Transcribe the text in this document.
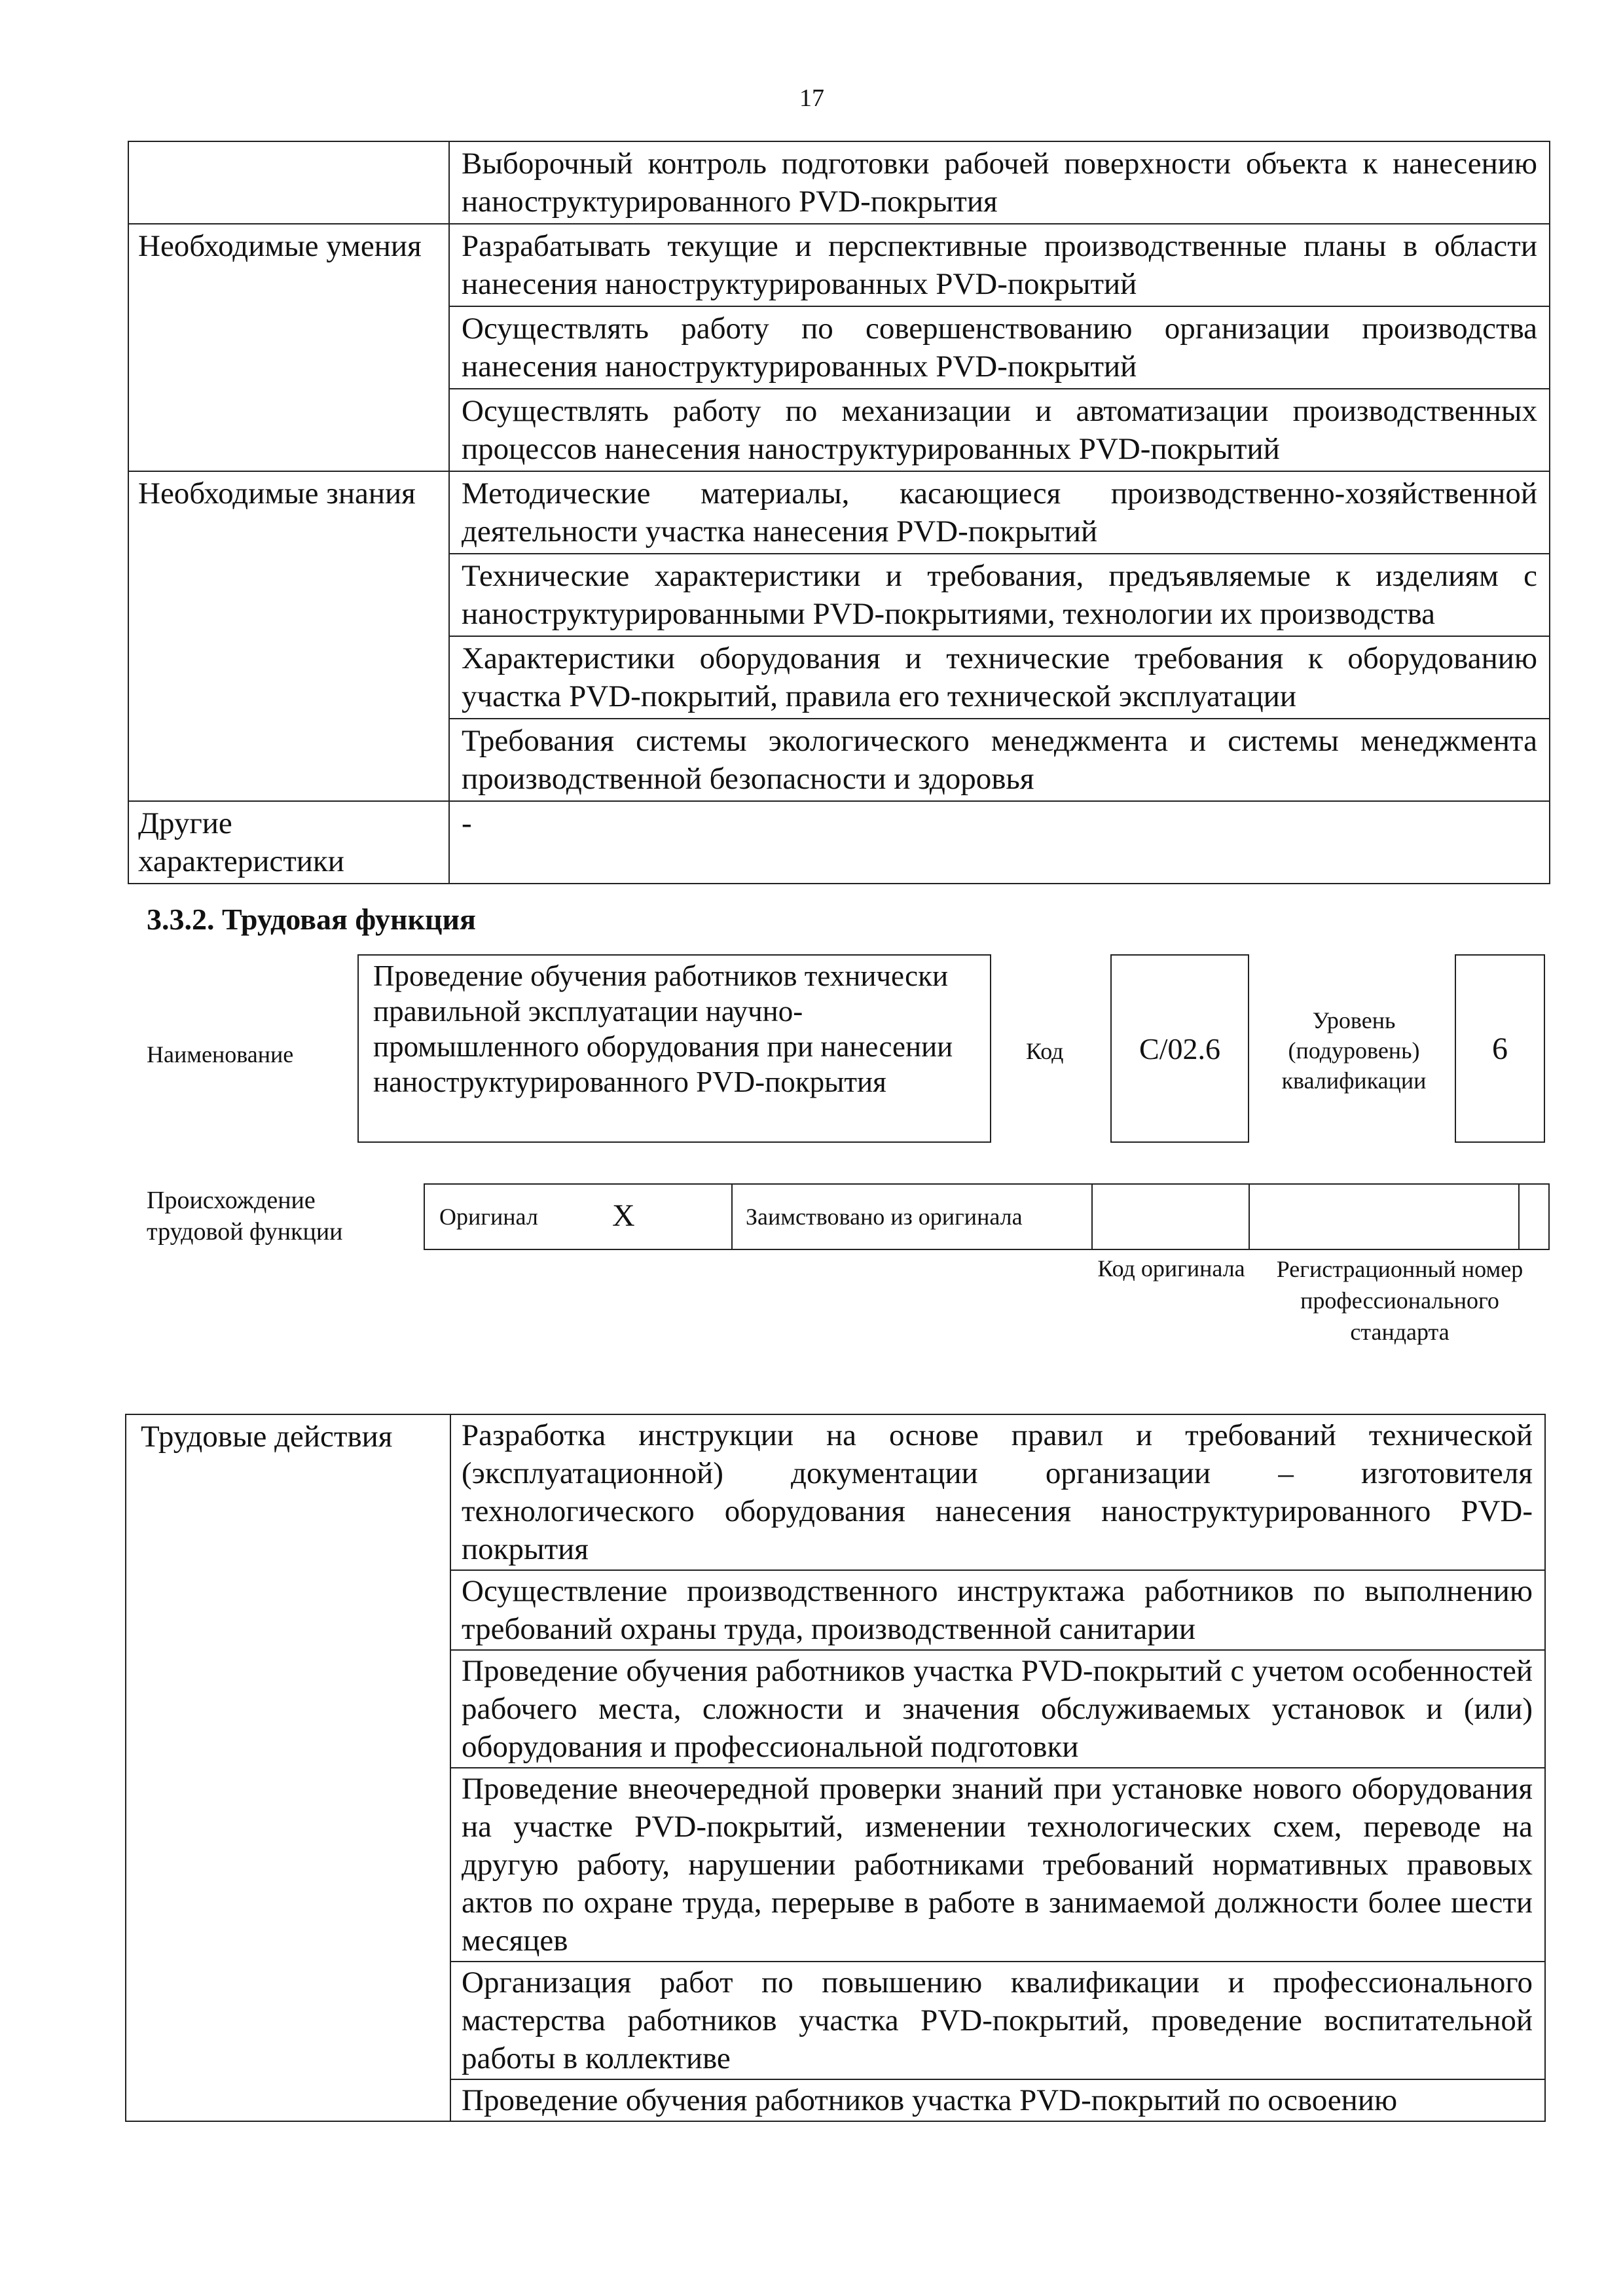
17
	Выборочный контроль подготовки рабочей поверхности объекта к нанесению наноструктурированного PVD-покрытия
Необходимые умения	Разрабатывать текущие и перспективные производственные планы в области нанесения наноструктурированных PVD-покрытий
	Осуществлять работу по совершенствованию организации производства нанесения наноструктурированных PVD-покрытий
	Осуществлять работу по механизации и автоматизации производственных процессов нанесения наноструктурированных PVD-покрытий
Необходимые знания	Методические материалы, касающиеся производственно-хозяйственной деятельности участка нанесения PVD-покрытий
	Технические характеристики и требования, предъявляемые к изделиям с наноструктурированными PVD-покрытиями, технологии их производства
	Характеристики оборудования и технические требования к оборудованию участка PVD-покрытий, правила его технической эксплуатации
	Требования системы экологического менеджмента и системы менеджмента производственной безопасности и здоровья
Другие характеристики	-
3.3.2. Трудовая функция
Наименование
Проведение обучения работников технически правильной эксплуатации научно-промышленного оборудования при нанесении наноструктурированного PVD-покрытия
Код	C/02.6
Уровень (подуровень) квалификации
6
Происхождение трудовой функции
Оригинал X	Заимствовано из оригинала
Код оригинала	Регистрационный номер профессионального стандарта
Трудовые действия	Разработка инструкции на основе правил и требований технической (эксплуатационной) документации организации – изготовителя технологического оборудования нанесения наноструктурированного PVD-покрытия
Осуществление производственного инструктажа работников по выполнению требований охраны труда, производственной санитарии
Проведение обучения работников участка PVD-покрытий с учетом особенностей рабочего места, сложности и значения обслуживаемых установок и (или) оборудования и профессиональной подготовки
Проведение внеочередной проверки знаний при установке нового оборудования на участке PVD-покрытий, изменении технологических схем, переводе на другую работу, нарушении работниками требований нормативных правовых актов по охране труда, перерыве в работе в занимаемой должности более шести месяцев
Организация работ по повышению квалификации и профессионального мастерства работников участка PVD-покрытий, проведение воспитательной работы в коллективе
Проведение обучения работников участка PVD-покрытий по освоению
